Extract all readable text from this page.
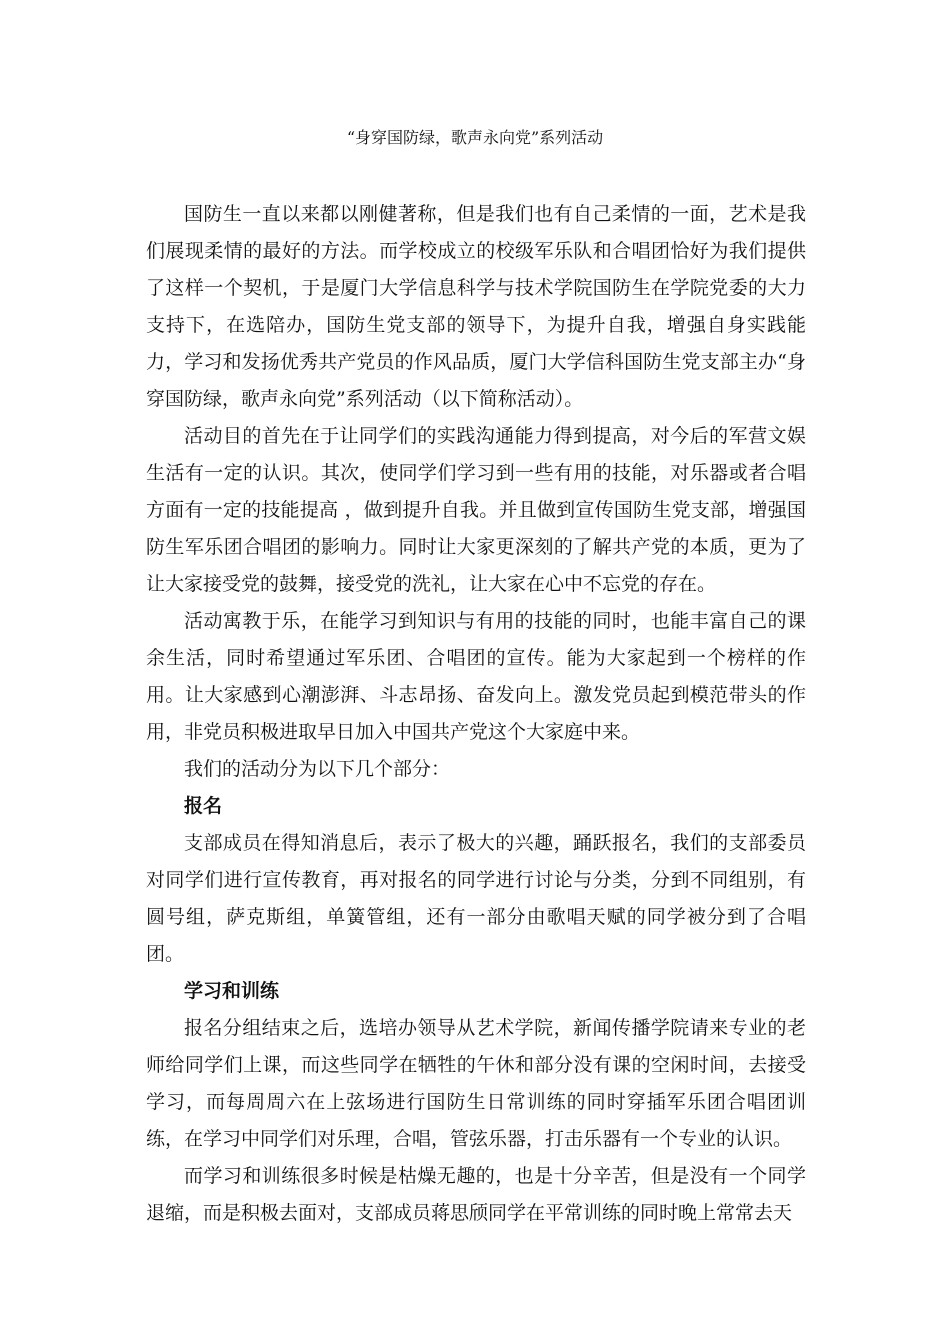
“身穿国防绿，歌声永向党”系列活动

国防生一直以来都以刚健著称，但是我们也有自己柔情的一面，艺术是我们展现柔情的最好的方法。而学校成立的校级军乐队和合唱团恰好为我们提供了这样一个契机，于是厦门大学信息科学与技术学院国防生在学院党委的大力支持下，在选陪办，国防生党支部的领导下，为提升自我，增强自身实践能力，学习和发扬优秀共产党员的作风品质，厦门大学信科国防生党支部主办“身穿国防绿，歌声永向党”系列活动（以下简称活动）。

活动目的首先在于让同学们的实践沟通能力得到提高，对今后的军营文娱生活有一定的认识。其次，使同学们学习到一些有用的技能，对乐器或者合唱方面有一定的技能提高 ，做到提升自我。并且做到宣传国防生党支部，增强国防生军乐团合唱团的影响力。同时让大家更深刻的了解共产党的本质，更为了让大家接受党的鼓舞，接受党的洗礼，让大家在心中不忘党的存在。

活动寓教于乐，在能学习到知识与有用的技能的同时，也能丰富自己的课余生活，同时希望通过军乐团、合唱团的宣传。能为大家起到一个榜样的作用。让大家感到心潮澎湃、斗志昂扬、奋发向上。激发党员起到模范带头的作用，非党员积极进取早日加入中国共产党这个大家庭中来。

我们的活动分为以下几个部分：

报名

支部成员在得知消息后，表示了极大的兴趣，踊跃报名，我们的支部委员对同学们进行宣传教育，再对报名的同学进行讨论与分类，分到不同组别，有圆号组，萨克斯组，单簧管组，还有一部分由歌唱天赋的同学被分到了合唱团。

学习和训练

报名分组结束之后，选培办领导从艺术学院，新闻传播学院请来专业的老师给同学们上课，而这些同学在牺牲的午休和部分没有课的空闲时间，去接受学习，而每周周六在上弦场进行国防生日常训练的同时穿插军乐团合唱团训练，在学习中同学们对乐理，合唱，管弦乐器，打击乐器有一个专业的认识。

而学习和训练很多时候是枯燥无趣的，也是十分辛苦，但是没有一个同学退缩，而是积极去面对，支部成员蒋思颀同学在平常训练的同时晚上常常去天
